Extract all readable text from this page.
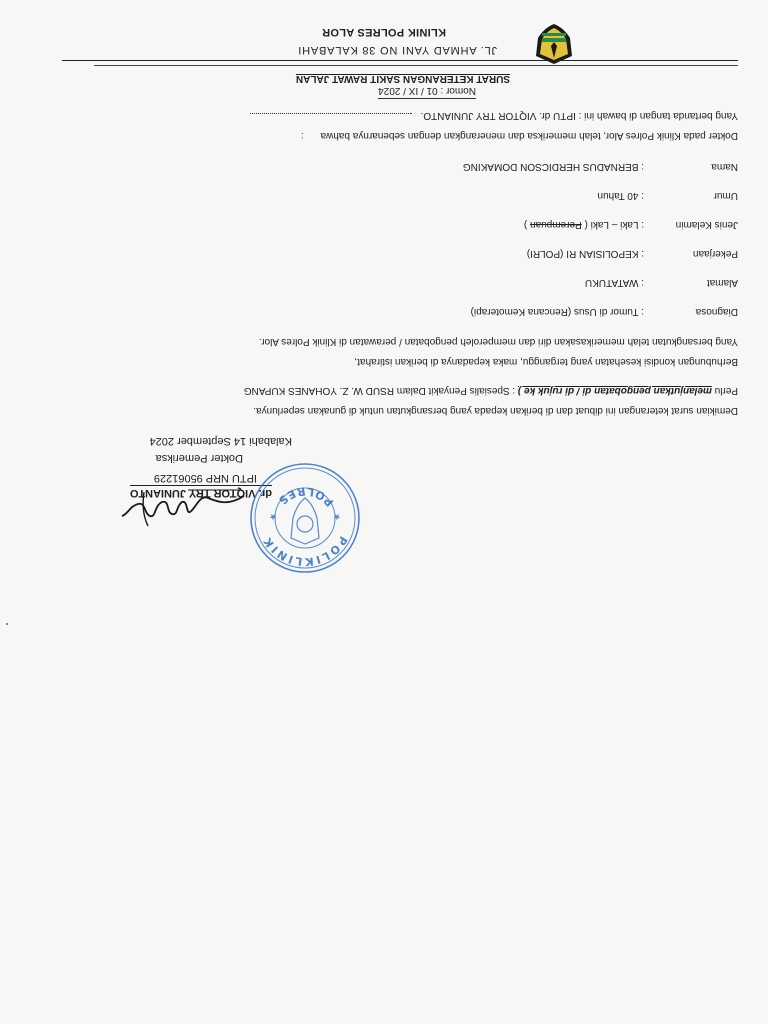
KLINIK POLRES ALOR
JL. AHMAD YANI NO 38 KALABAHI
SURAT KETERANGAN SAKIT RAWAT JALAN
Nomor : 01 / IX / 2024
Yang bertanda tangan di bawah ini : IPTU dr. VIQTOR TRY JUNIANTO.
Dokter pada Klinik Polres Alor, telah memeriksa dan menerangkan dengan sebenarnya bahwa :
Nama
: BERNADUS HERDICSON DOMAKING
Umur
: 40 Tahun
Jenis Kelamin
: Laki – Laki ( Perempuan )
Pekerjaan
: KEPOLISIAN RI (POLRI)
Alamat
: WATATUKU
Diagnosa
: Tumor di Usus (Rencana Kemoterapi)
Yang bersangkutan telah memerikasakan diri dan memperoleh pengobatan / perawatan di Klinik Polres Alor.
Berhubungan kondisi kesehatan yang terganggu, maka kepadanya di berikan istirahat,
Perlu melanjutkan pengobatan di / di rujuk ke ) : Spesialis Penyakit Dalam RSUD W. Z. YOHANES KUPANG
Demikian surat keterangan ini dibuat dan di berikan kepada yang bersangkutan untuk di gunakan seperlunya.
Kalabahi 14 September 2024
Dokter Pemeriksa
dr. VIQTOR TRY JUNIANTO
IPTU NRP 95061229
★
★
POLIKLINIK
POLRES
